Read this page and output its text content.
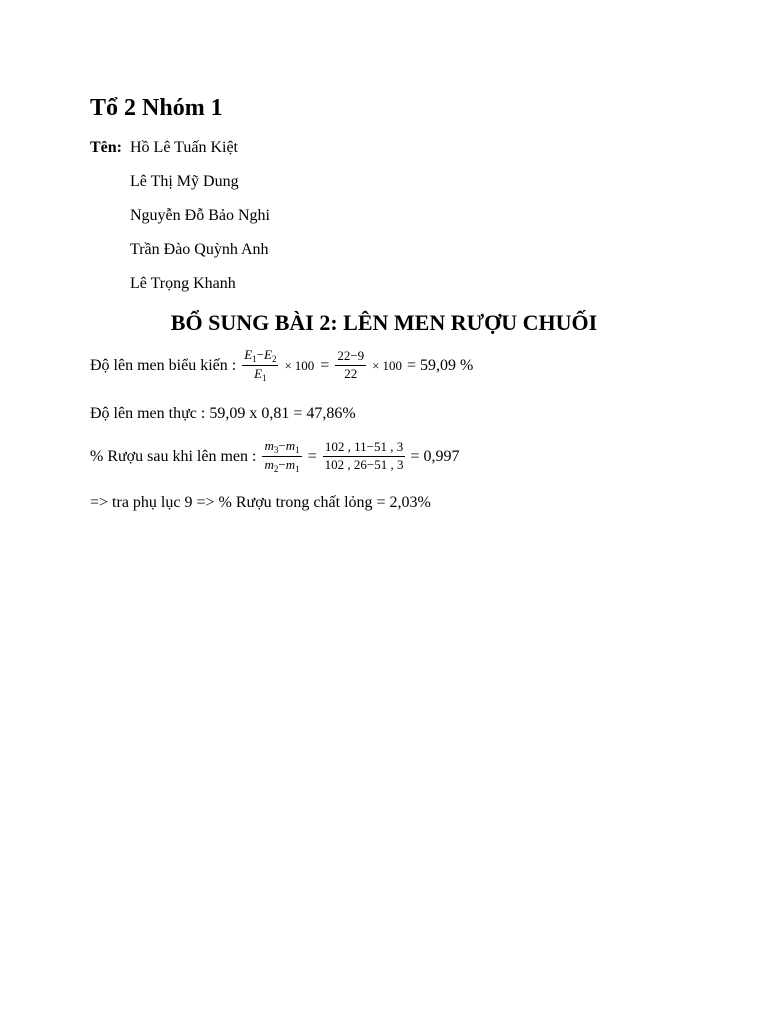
Tổ 2 Nhóm 1
Tên: Hồ Lê Tuấn Kiệt
Lê Thị Mỹ Dung
Nguyễn Đỗ Bảo Nghi
Trần Đào Quỳnh Anh
Lê Trọng Khanh
BỔ SUNG BÀI 2: LÊN MEN RƯỢU CHUỐI
Độ lên men biểu kiến : $\frac{E_1-E_2}{E_1} \times 100 = \frac{22-9}{22} \times 100 = 59,09$ %
Độ lên men thực : 59,09 x 0,81 = 47,86%
% Rượu sau khi lên men : $\frac{m_3-m_1}{m_2-m_1} = \frac{102 , 11-51 , 3}{102 , 26-51 , 3} = 0,997$
=> tra phụ lục 9 => % Rượu trong chất lỏng = 2,03%
